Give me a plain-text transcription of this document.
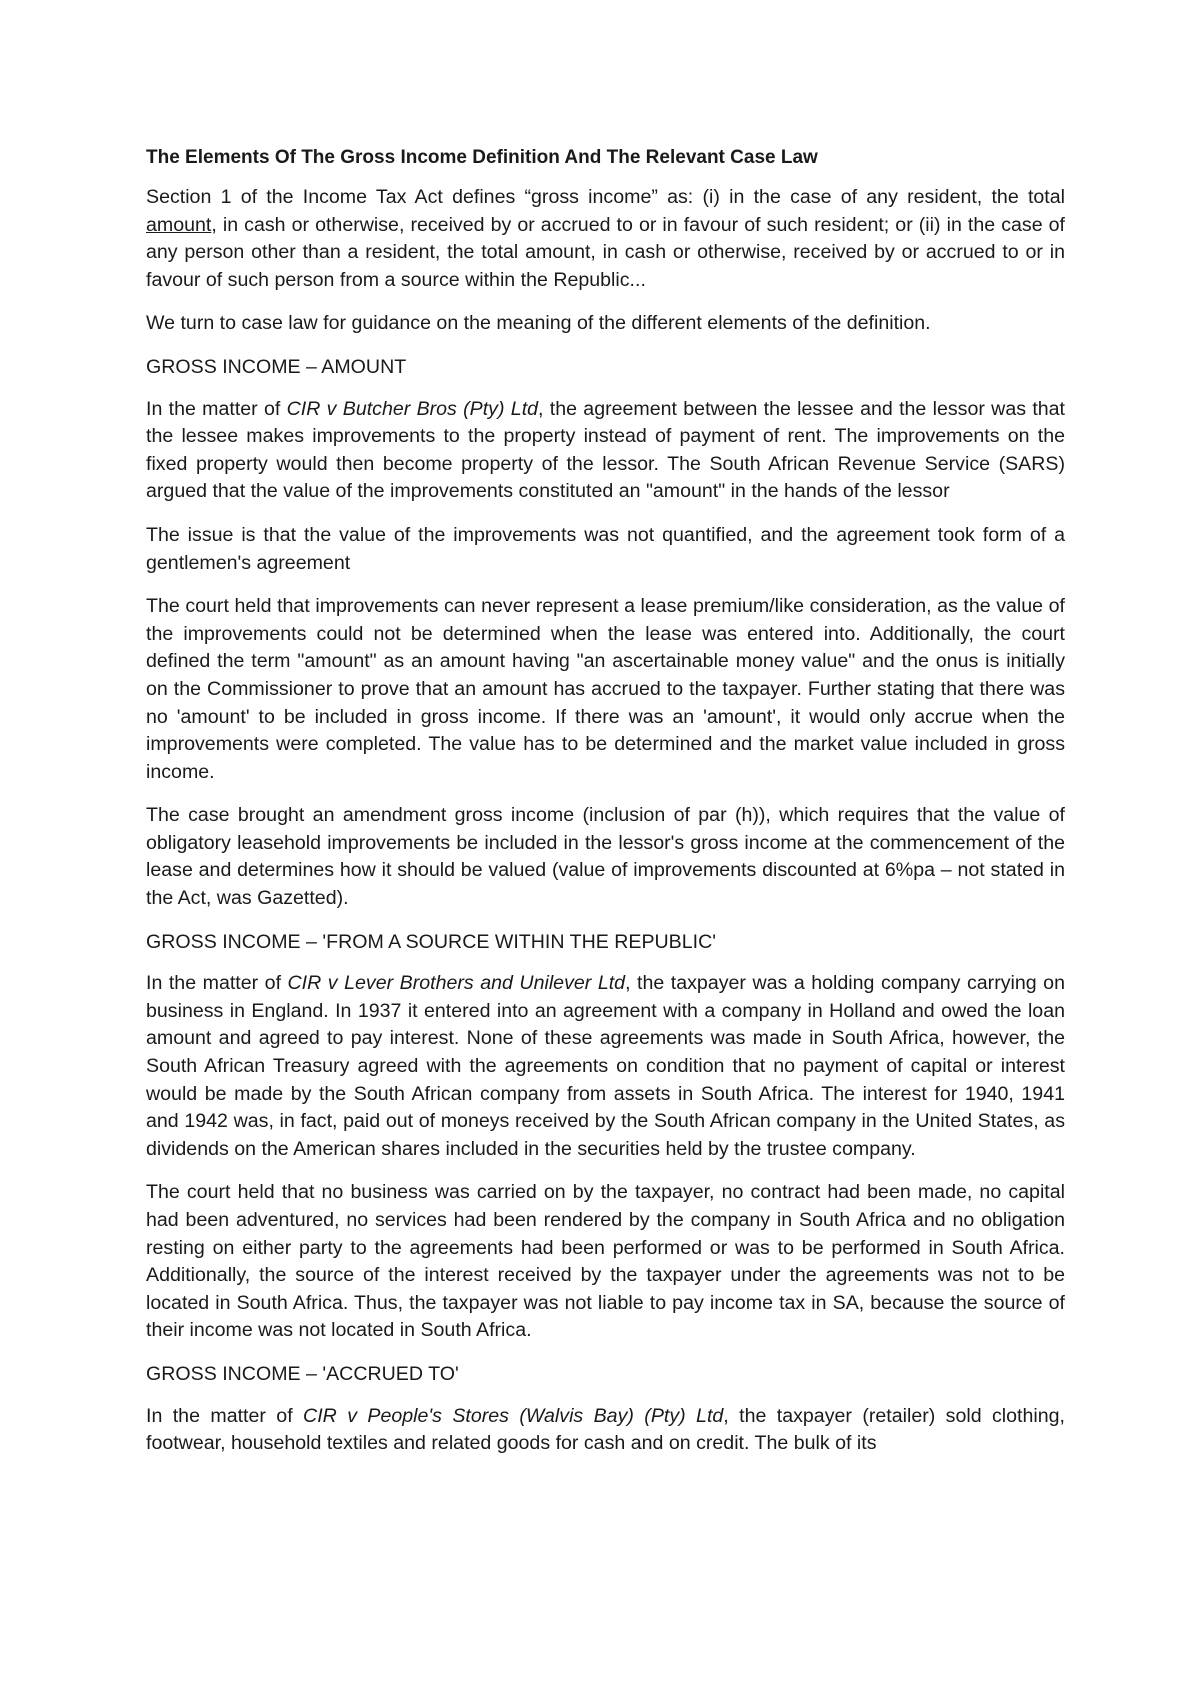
The Elements Of The Gross Income Definition And The Relevant Case Law

Section 1 of the Income Tax Act defines “gross income” as: (i) in the case of any resident, the total amount, in cash or otherwise, received by or accrued to or in favour of such resident; or (ii) in the case of any person other than a resident, the total amount, in cash or otherwise, received by or accrued to or in favour of such person from a source within the Republic...

We turn to case law for guidance on the meaning of the different elements of the definition.

GROSS INCOME – AMOUNT

In the matter of CIR v Butcher Bros (Pty) Ltd, the agreement between the lessee and the lessor was that the lessee makes improvements to the property instead of payment of rent. The improvements on the fixed property would then become property of the lessor. The South African Revenue Service (SARS) argued that the value of the improvements constituted an "amount" in the hands of the lessor

The issue is that the value of the improvements was not quantified, and the agreement took form of a gentlemen's agreement

The court held that improvements can never represent a lease premium/like consideration, as the value of the improvements could not be determined when the lease was entered into. Additionally, the court defined the term "amount" as an amount having "an ascertainable money value" and the onus is initially on the Commissioner to prove that an amount has accrued to the taxpayer. Further stating that there was no 'amount' to be included in gross income. If there was an 'amount', it would only accrue when the improvements were completed. The value has to be determined and the market value included in gross income.

The case brought an amendment gross income (inclusion of par (h)), which requires that the value of obligatory leasehold improvements be included in the lessor's gross income at the commencement of the lease and determines how it should be valued (value of improvements discounted at 6%pa – not stated in the Act, was Gazetted).

GROSS INCOME – 'FROM A SOURCE WITHIN THE REPUBLIC'

In the matter of CIR v Lever Brothers and Unilever Ltd, the taxpayer was a holding company carrying on business in England. In 1937 it entered into an agreement with a company in Holland and owed the loan amount and agreed to pay interest. None of these agreements was made in South Africa, however, the South African Treasury agreed with the agreements on condition that no payment of capital or interest would be made by the South African company from assets in South Africa. The interest for 1940, 1941 and 1942 was, in fact, paid out of moneys received by the South African company in the United States, as dividends on the American shares included in the securities held by the trustee company.

The court held that no business was carried on by the taxpayer, no contract had been made, no capital had been adventured, no services had been rendered by the company in South Africa and no obligation resting on either party to the agreements had been performed or was to be performed in South Africa. Additionally, the source of the interest received by the taxpayer under the agreements was not to be located in South Africa. Thus, the taxpayer was not liable to pay income tax in SA, because the source of their income was not located in South Africa.

GROSS INCOME – 'ACCRUED TO'

In the matter of CIR v People's Stores (Walvis Bay) (Pty) Ltd, the taxpayer (retailer) sold clothing, footwear, household textiles and related goods for cash and on credit. The bulk of its
